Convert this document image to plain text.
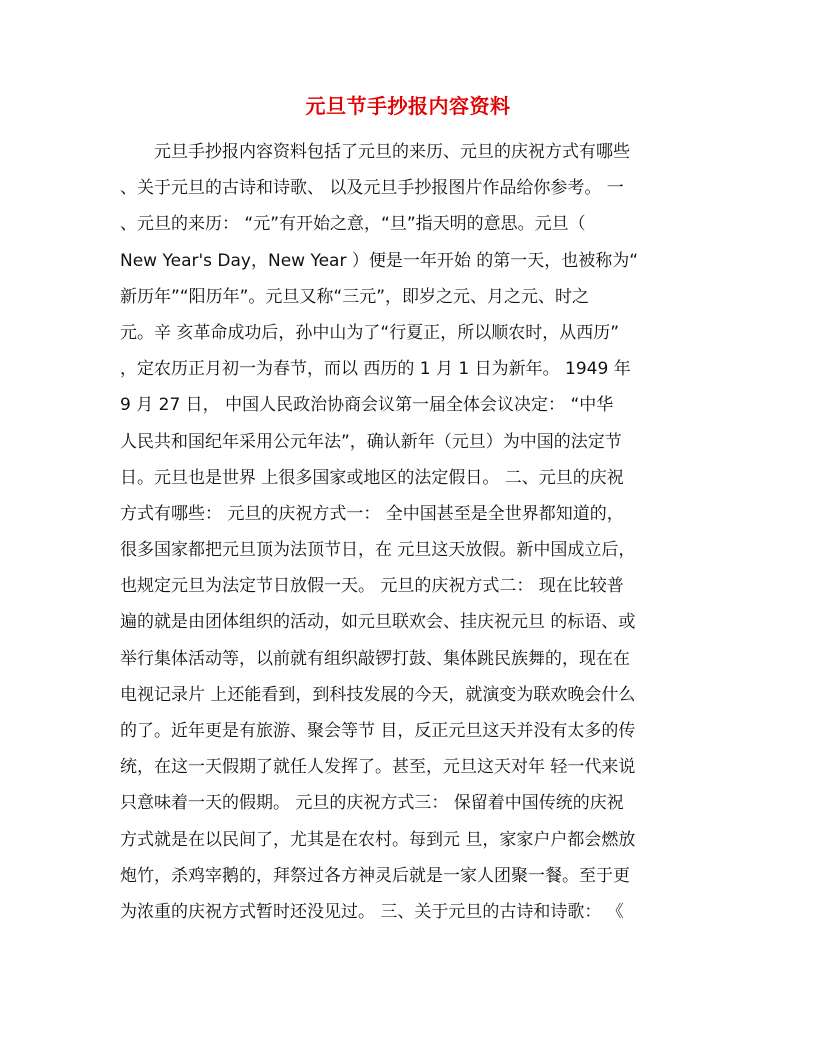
元旦节手抄报内容资料
　　元旦手抄报内容资料包括了元旦的来历、元旦的庆祝方式有哪些
、关于元旦的古诗和诗歌、 以及元旦手抄报图片作品给你参考。 一
、元旦的来历： “元”有开始之意，“旦”指天明的意思。元旦（
New Year's Day，New Year ）便是一年开始 的第一天，也被称为“
新历年”“阳历年”。元旦又称“三元”，即岁之元、月之元、时之
元。辛 亥革命成功后，孙中山为了“行夏正，所以顺农时，从西历”
，定农历正月初一为春节，而以 西历的 1 月 1 日为新年。 1949 年
9 月 27 日， 中国人民政治协商会议第一届全体会议决定： “中华
人民共和国纪年采用公元年法”，确认新年（元旦）为中国的法定节
日。元旦也是世界 上很多国家或地区的法定假日。 二、元旦的庆祝
方式有哪些： 元旦的庆祝方式一： 全中国甚至是全世界都知道的，
很多国家都把元旦顶为法顶节日，在 元旦这天放假。新中国成立后，
也规定元旦为法定节日放假一天。 元旦的庆祝方式二： 现在比较普
遍的就是由团体组织的活动，如元旦联欢会、挂庆祝元旦 的标语、或
举行集体活动等，以前就有组织敲锣打鼓、集体跳民族舞的，现在在
电视记录片 上还能看到，到科技发展的今天，就演变为联欢晚会什么
的了。近年更是有旅游、聚会等节 目，反正元旦这天并没有太多的传
统，在这一天假期了就任人发挥了。甚至，元旦这天对年 轻一代来说
只意味着一天的假期。 元旦的庆祝方式三： 保留着中国传统的庆祝
方式就是在以民间了，尤其是在农村。每到元 旦，家家户户都会燃放
炮竹，杀鸡宰鹅的，拜祭过各方神灵后就是一家人团聚一餐。至于更
为浓重的庆祝方式暂时还没见过。 三、关于元旦的古诗和诗歌： 《
